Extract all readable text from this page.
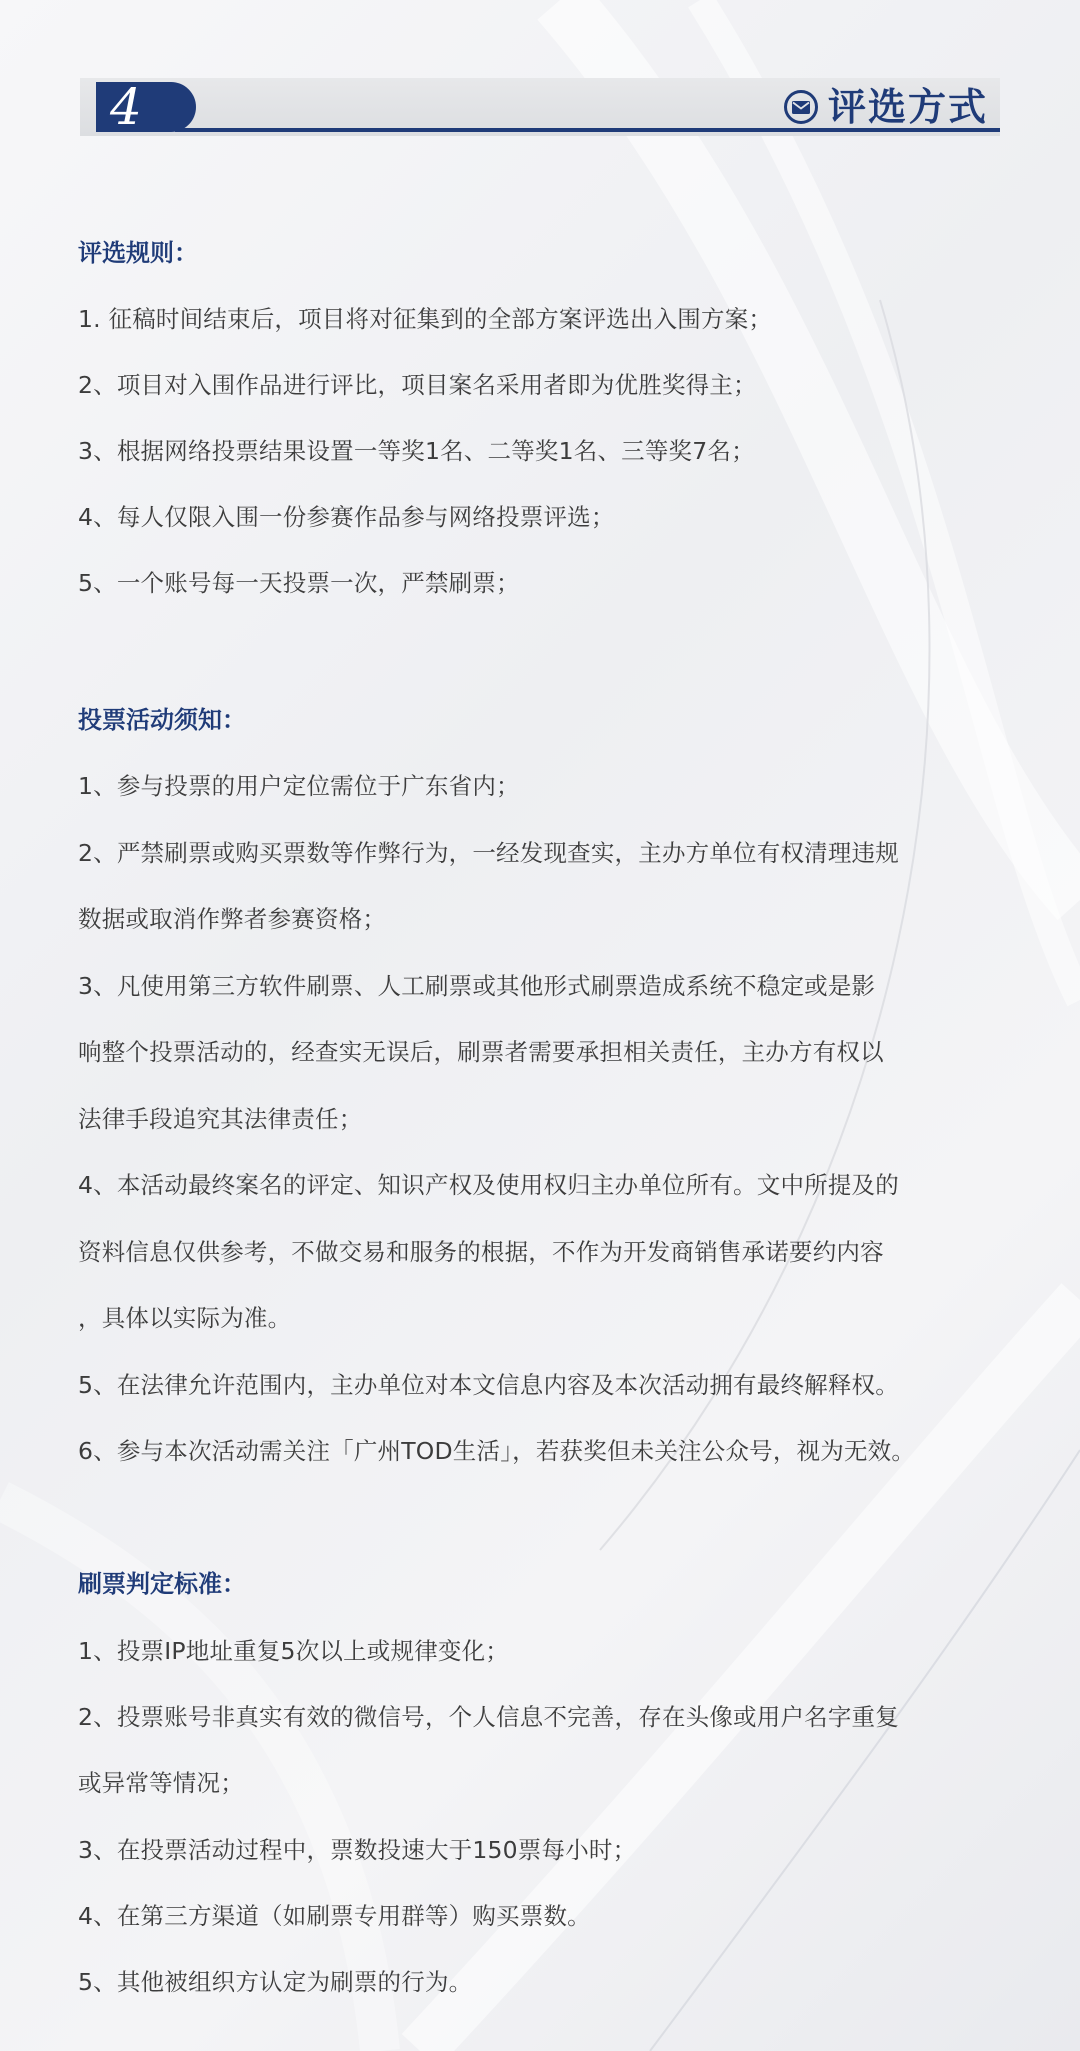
4	评选方式
评选规则：
1. 征稿时间结束后，项目将对征集到的全部方案评选出入围方案；
2、项目对入围作品进行评比，项目案名采用者即为优胜奖得主；
3、根据网络投票结果设置一等奖1名、二等奖1名、三等奖7名；
4、每人仅限入围一份参赛作品参与网络投票评选；
5、一个账号每一天投票一次，严禁刷票；
投票活动须知：
1、参与投票的用户定位需位于广东省内；
2、严禁刷票或购买票数等作弊行为，一经发现查实，主办方单位有权清理违规
数据或取消作弊者参赛资格；
3、凡使用第三方软件刷票、人工刷票或其他形式刷票造成系统不稳定或是影
响整个投票活动的，经查实无误后，刷票者需要承担相关责任，主办方有权以
法律手段追究其法律责任；
4、本活动最终案名的评定、知识产权及使用权归主办单位所有。文中所提及的
资料信息仅供参考，不做交易和服务的根据，不作为开发商销售承诺要约内容
，具体以实际为准。
5、在法律允许范围内，主办单位对本文信息内容及本次活动拥有最终解释权。
6、参与本次活动需关注「广州TOD生活」，若获奖但未关注公众号，视为无效。
刷票判定标准：
1、投票IP地址重复5次以上或规律变化；
2、投票账号非真实有效的微信号，个人信息不完善，存在头像或用户名字重复
或异常等情况；
3、在投票活动过程中，票数投速大于150票每小时；
4、在第三方渠道（如刷票专用群等）购买票数。
5、其他被组织方认定为刷票的行为。
